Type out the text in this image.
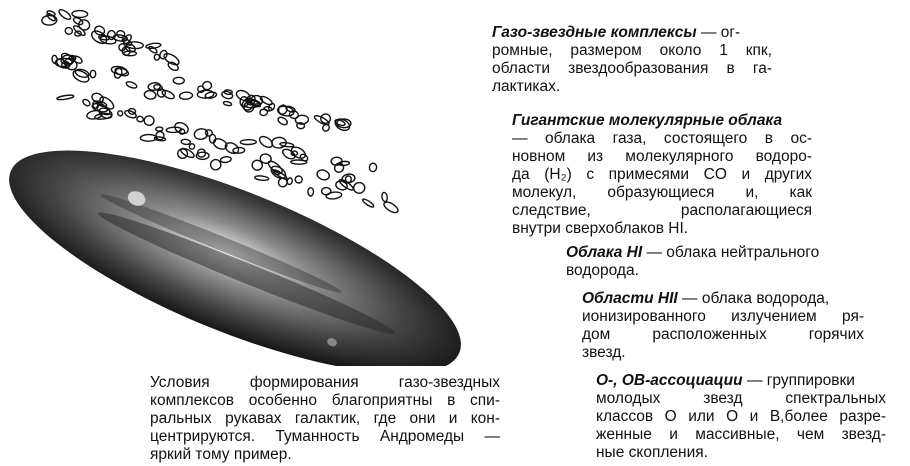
Газо-звездные комплексы — ог-
ромные, размером около 1 кпк,
области звездообразования в га-
лактиках.
Гигантские молекулярные облака
— облака газа, состоящего в ос-
новном из молекулярного водоро-
да (H₂) с примесями CO и других
молекул, образующиеся и, как
следствие, располагающиеся
внутри сверхоблаков HI.
Облака HI — облака нейтрального
водорода.
Области HII — облака водорода,
ионизированного излучением ря-
дом расположенных горячих
звезд.
O-, OB-ассоциации — группировки
молодых звезд спектральных
классов O или O и B,более разре-
женные и массивные, чем звезд-
ные скопления.
Условия формирования газо-звездных
комплексов особенно благоприятны в спи-
ральных рукавах галактик, где они и кон-
центрируются. Туманность Андромеды —
яркий тому пример.
